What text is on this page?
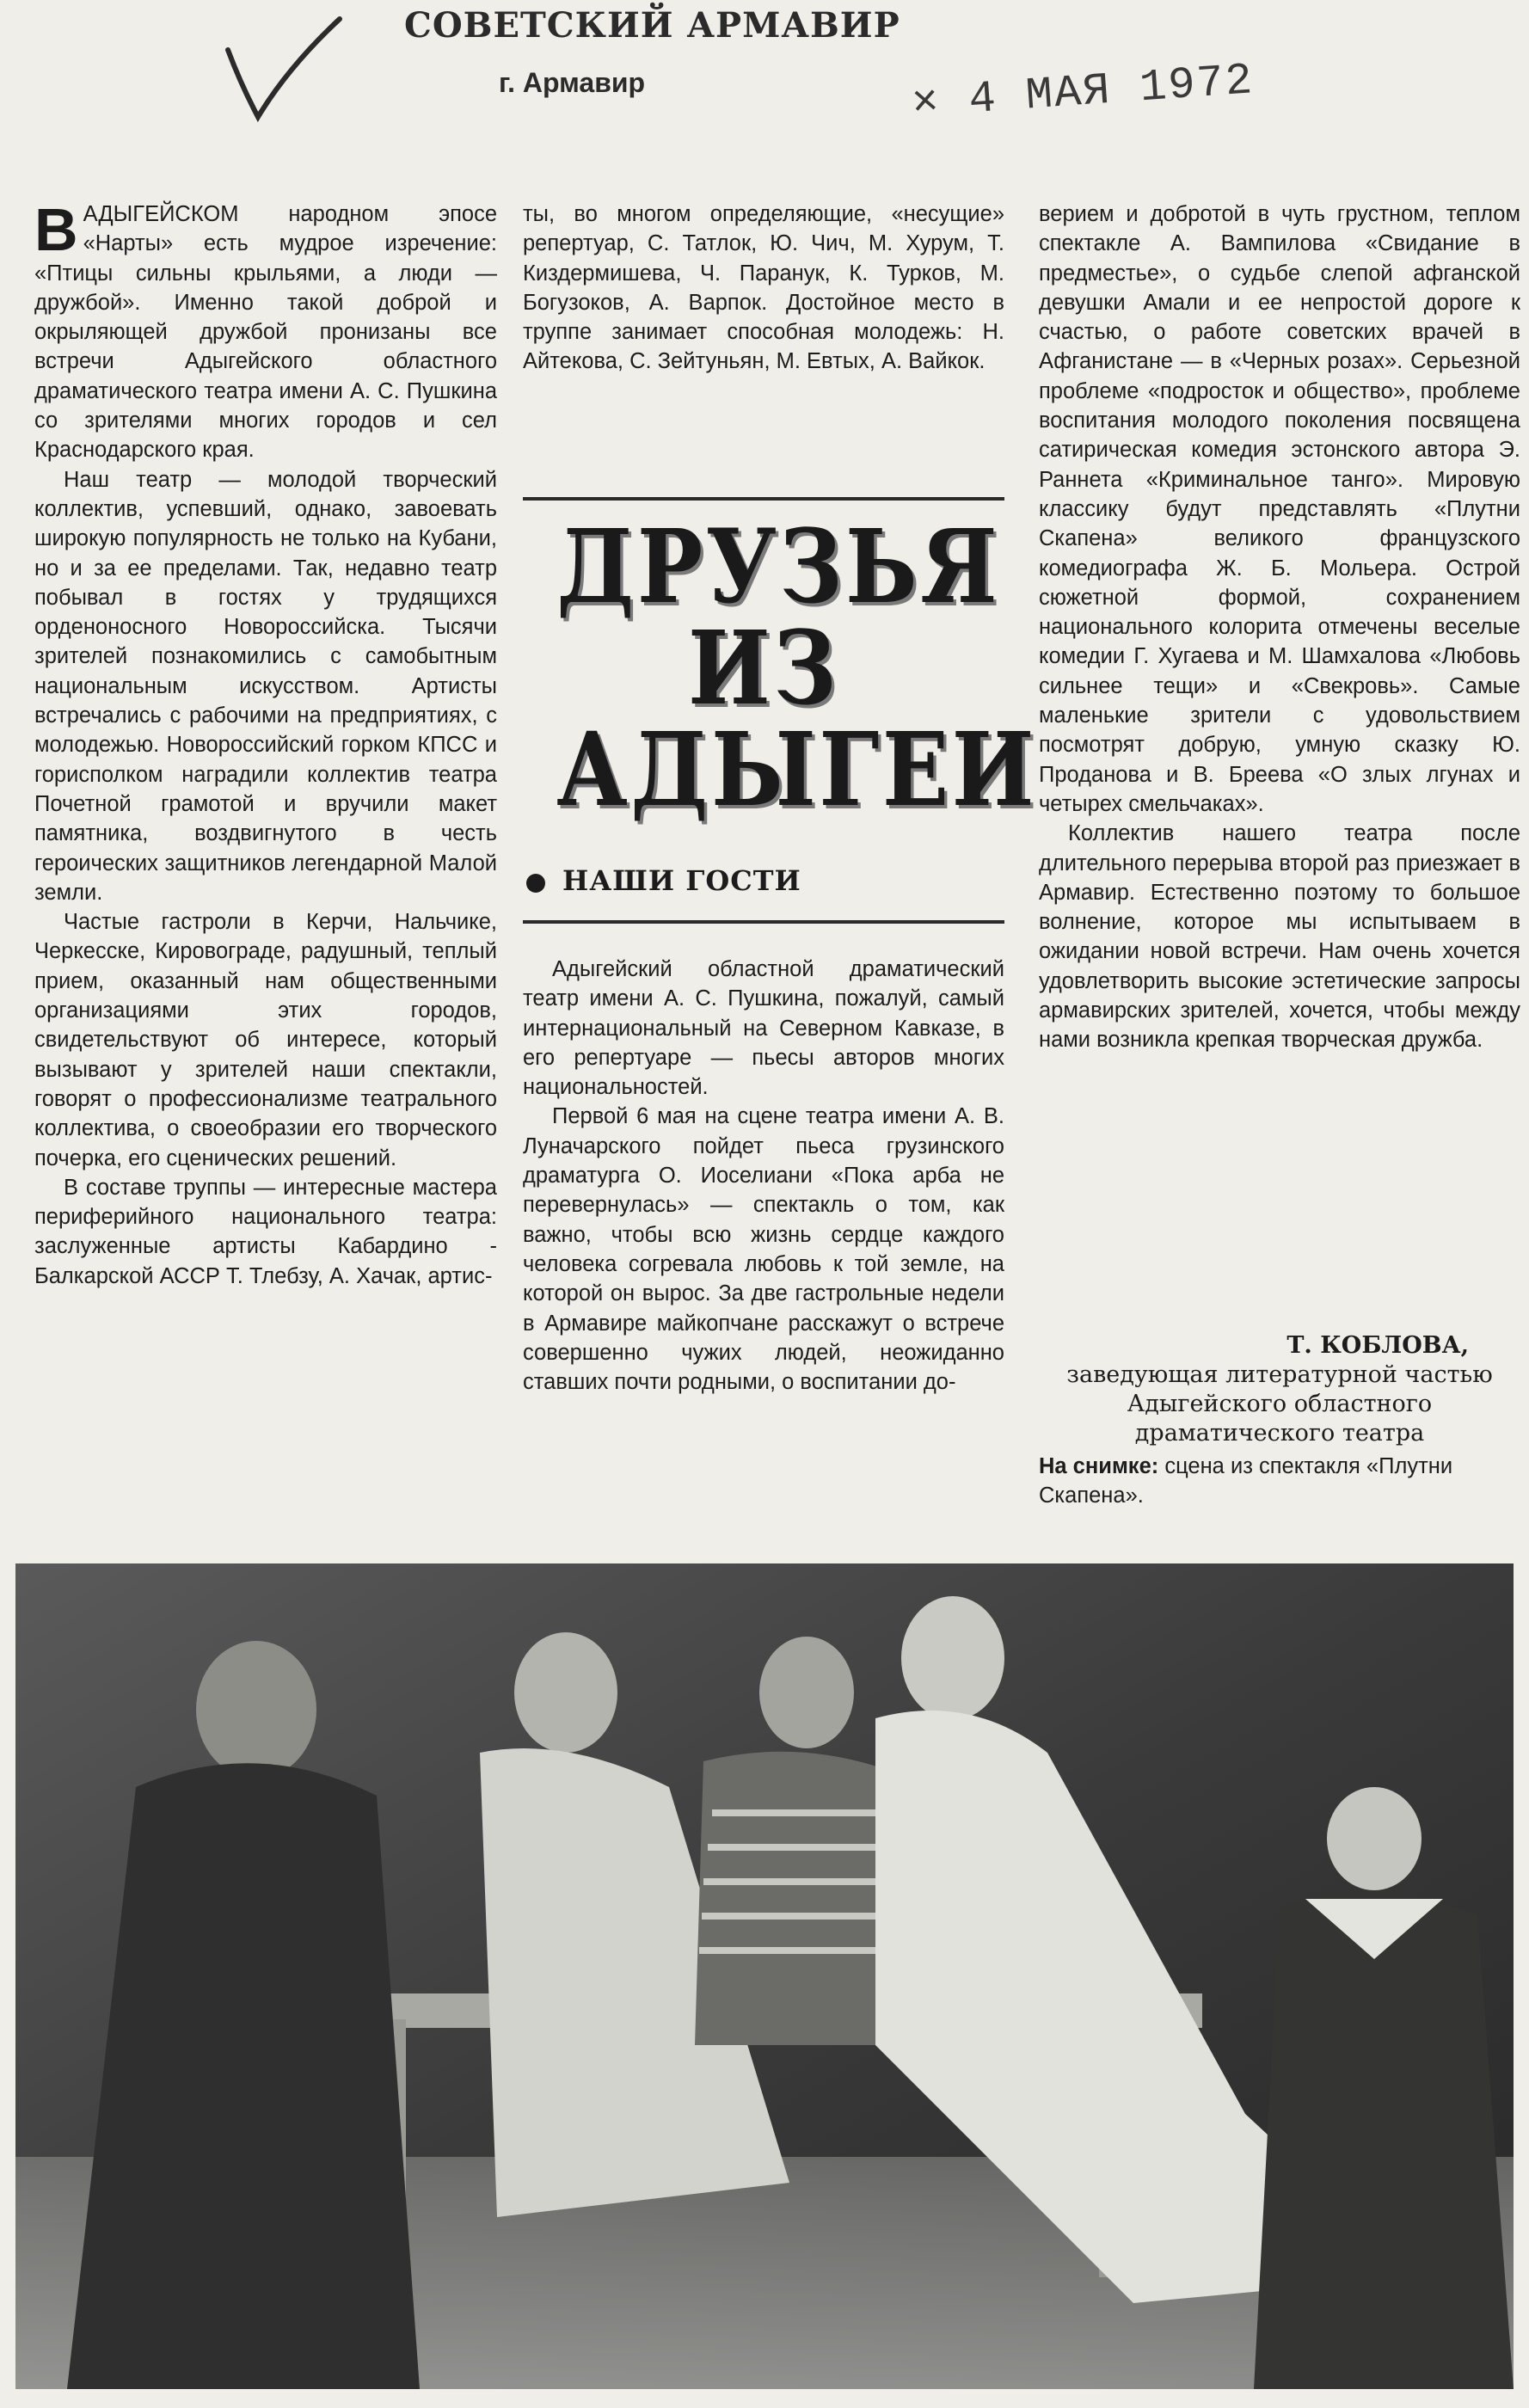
СОВЕТСКИЙ АРМАВИР
г. Армавир	× 4 МАЯ 1972

ВАДЫГЕЙСКОМ народном эпосе «Нарты» есть мудрое изречение: «Птицы сильны крыльями, а люди — дружбой». Именно такой доброй и окрыляющей дружбой пронизаны все встречи Адыгейского областного драматического театра имени А. С. Пушкина со зрителями многих городов и сел Краснодарского края.

Наш театр — молодой творческий коллектив, успевший, однако, завоевать широкую популярность не только на Кубани, но и за ее пределами. Так, недавно театр побывал в гостях у трудящихся орденоносного Новороссийска. Тысячи зрителей познакомились с самобытным национальным искусством. Артисты встречались с рабочими на предприятиях, с молодежью. Новороссийский горком КПСС и горисполком наградили коллектив театра Почетной грамотой и вручили макет памятника, воздвигнутого в честь героических защитников легендарной Малой земли.

Частые гастроли в Керчи, Нальчике, Черкесске, Кировограде, радушный, теплый прием, оказанный нам общественными организациями этих городов, свидетельствуют об интересе, который вызывают у зрителей наши спектакли, говорят о профессионализме театрального коллектива, о своеобразии его творческого почерка, его сценических решений.

В составе труппы — интересные мастера периферийного национального театра: заслуженные артисты Кабардино - Балкарской АССР Т. Тлебзу, А. Хачак, артис-

ты, во многом определяющие, «несущие» репертуар, С. Татлок, Ю. Чич, М. Хурум, Т. Киздермишева, Ч. Паранук, К. Турков, М. Богузоков, А. Варпок. Достойное место в труппе занимает способная молодежь: Н. Айтекова, С. Зейтуньян, М. Евтых, А. Вайкок.

ДРУЗЬЯ
ИЗ
АДЫГЕИ
НАШИ ГОСТИ

Адыгейский областной драматический театр имени А. С. Пушкина, пожалуй, самый интернациональный на Северном Кавказе, в его репертуаре — пьесы авторов многих национальностей.

Первой 6 мая на сцене театра имени А. В. Луначарского пойдет пьеса грузинского драматурга О. Иоселиани «Пока арба не перевернулась» — спектакль о том, как важно, чтобы всю жизнь сердце каждого человека согревала любовь к той земле, на которой он вырос. За две гастрольные недели в Армавире майкопчане расскажут о встрече совершенно чужих людей, неожиданно ставших почти родными, о воспитании до-

верием и добротой в чуть грустном, теплом спектакле А. Вампилова «Свидание в предместье», о судьбе слепой афганской девушки Амали и ее непростой дороге к счастью, о работе советских врачей в Афганистане — в «Черных розах». Серьезной проблеме «подросток и общество», проблеме воспитания молодого поколения посвящена сатирическая комедия эстонского автора Э. Раннета «Криминальное танго». Мировую классику будут представлять «Плутни Скапена» великого французского комедиографа Ж. Б. Мольера. Острой сюжетной формой, сохранением национального колорита отмечены веселые комедии Г. Хугаева и М. Шамхалова «Любовь сильнее тещи» и «Свекровь». Самые маленькие зрители с удовольствием посмотрят добрую, умную сказку Ю. Проданова и В. Бреева «О злых лгунах и четырех смельчаках».

Коллектив нашего театра после длительного перерыва второй раз приезжает в Армавир. Естественно поэтому то большое волнение, которое мы испытываем в ожидании новой встречи. Нам очень хочется удовлетворить высокие эстетические запросы армавирских зрителей, хочется, чтобы между нами возникла крепкая творческая дружба.

Т. КОБЛОВА,
заведующая литературной частью Адыгейского областного драматического театра
На снимке: сцена из спектакля «Плутни Скапена».
